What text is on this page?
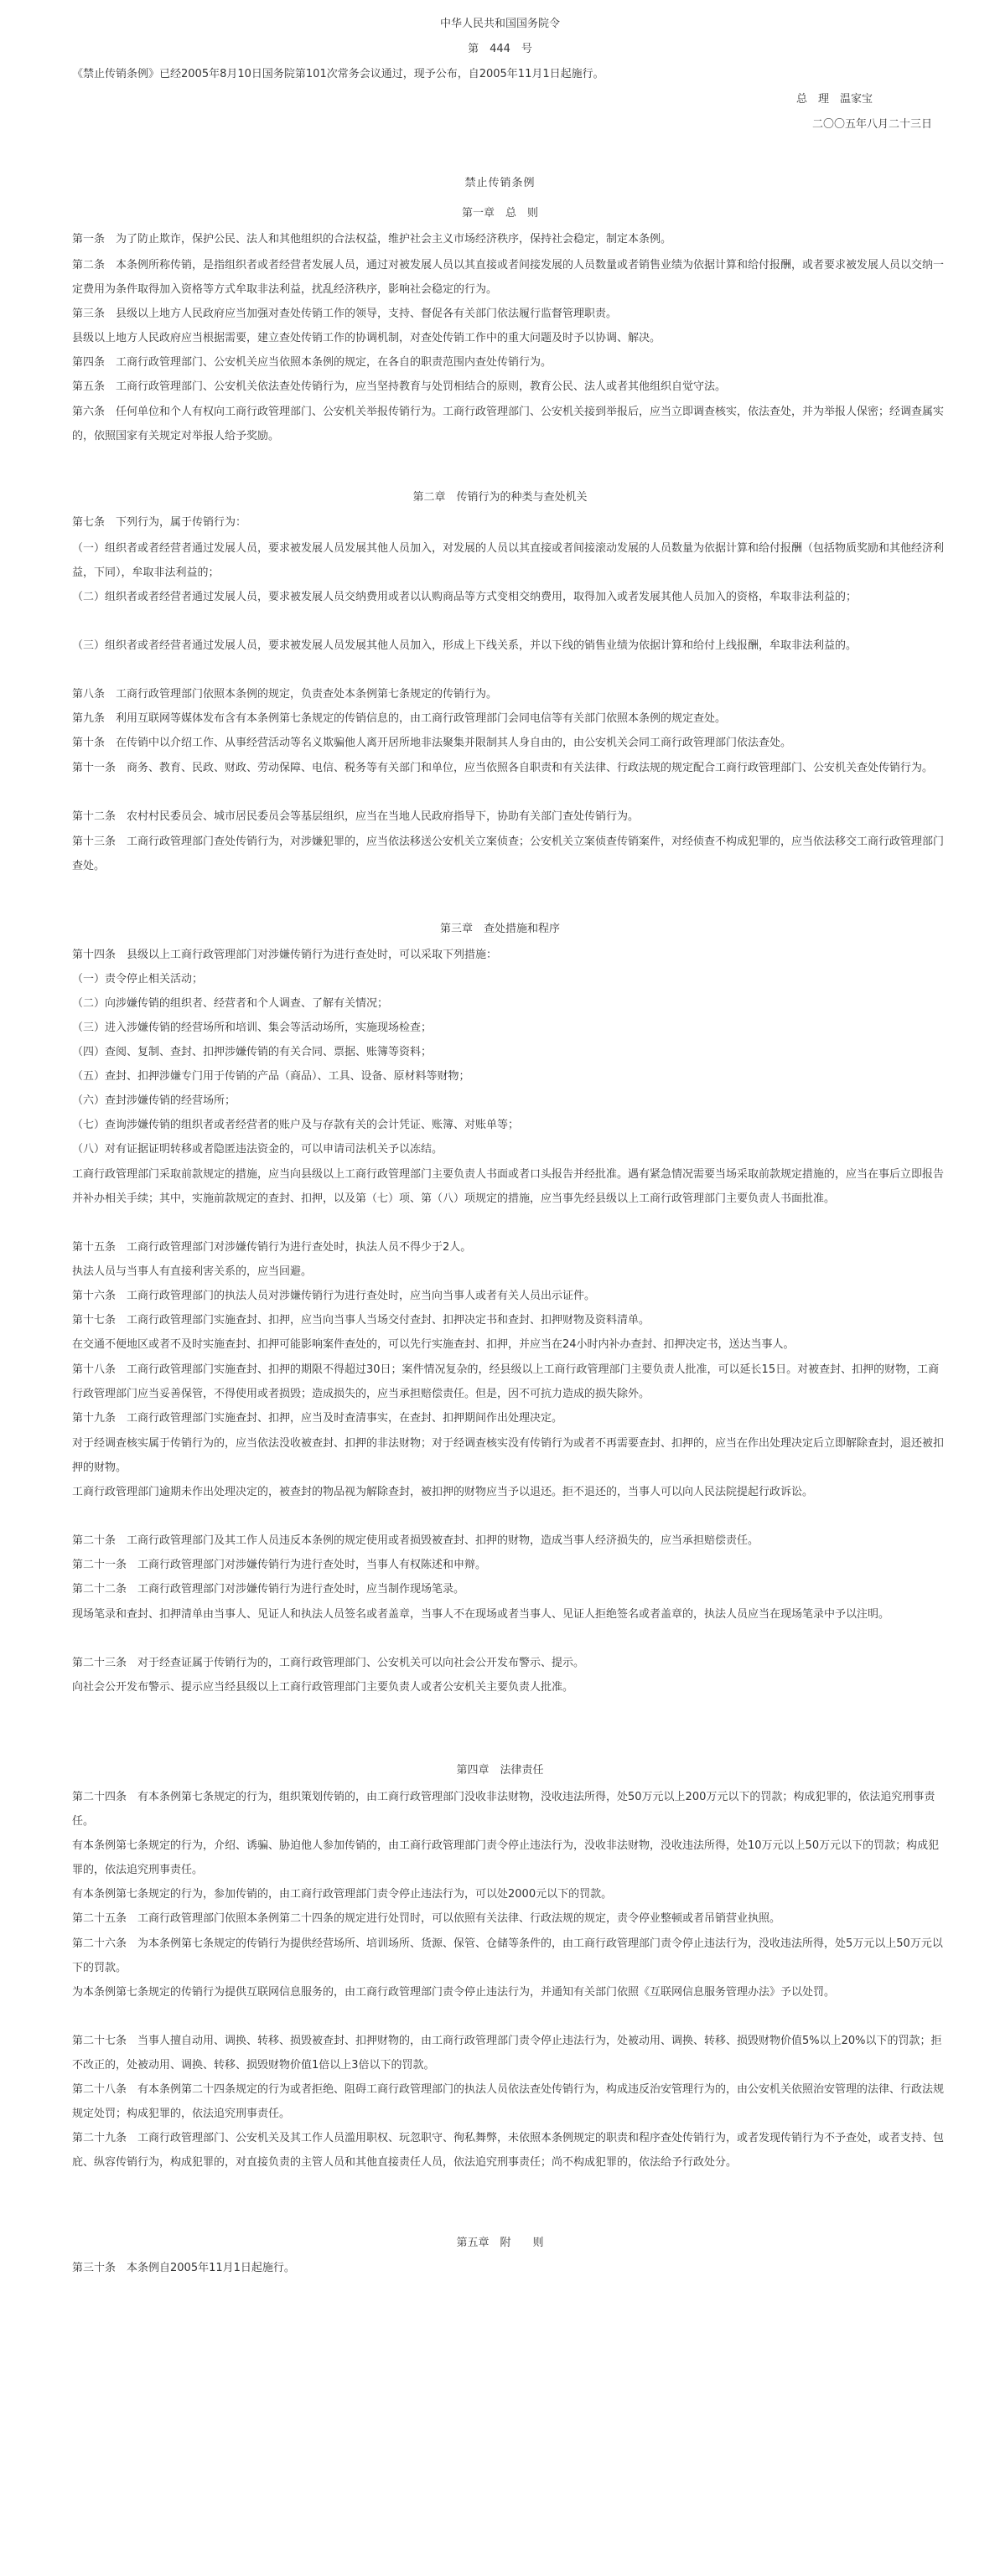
中华人民共和国国务院令
第　444　号
《禁止传销条例》已经2005年8月10日国务院第101次常务会议通过，现予公布，自2005年11月1日起施行。
总　理　温家宝
二〇〇五年八月二十三日
禁止传销条例
第一章　总　则
第一条　为了防止欺诈，保护公民、法人和其他组织的合法权益，维护社会主义市场经济秩序，保持社会稳定，制定本条例。
第二条　本条例所称传销，是指组织者或者经营者发展人员，通过对被发展人员以其直接或者间接发展的人员数量或者销售业绩为依据计算和给付报酬，或者要求被发展人员以交纳一定费用为条件取得加入资格等方式牟取非法利益，扰乱经济秩序，影响社会稳定的行为。
第三条　县级以上地方人民政府应当加强对查处传销工作的领导，支持、督促各有关部门依法履行监督管理职责。
县级以上地方人民政府应当根据需要，建立查处传销工作的协调机制，对查处传销工作中的重大问题及时予以协调、解决。
第四条　工商行政管理部门、公安机关应当依照本条例的规定，在各自的职责范围内查处传销行为。
第五条　工商行政管理部门、公安机关依法查处传销行为，应当坚持教育与处罚相结合的原则，教育公民、法人或者其他组织自觉守法。
第六条　任何单位和个人有权向工商行政管理部门、公安机关举报传销行为。工商行政管理部门、公安机关接到举报后，应当立即调查核实，依法查处，并为举报人保密；经调查属实的，依照国家有关规定对举报人给予奖励。
第二章　传销行为的种类与查处机关
第七条　下列行为，属于传销行为：
（一）组织者或者经营者通过发展人员，要求被发展人员发展其他人员加入，对发展的人员以其直接或者间接滚动发展的人员数量为依据计算和给付报酬（包括物质奖励和其他经济利益，下同），牟取非法利益的；
（二）组织者或者经营者通过发展人员，要求被发展人员交纳费用或者以认购商品等方式变相交纳费用，取得加入或者发展其他人员加入的资格，牟取非法利益的；
（三）组织者或者经营者通过发展人员，要求被发展人员发展其他人员加入，形成上下线关系，并以下线的销售业绩为依据计算和给付上线报酬，牟取非法利益的。
第八条　工商行政管理部门依照本条例的规定，负责查处本条例第七条规定的传销行为。
第九条　利用互联网等媒体发布含有本条例第七条规定的传销信息的，由工商行政管理部门会同电信等有关部门依照本条例的规定查处。
第十条　在传销中以介绍工作、从事经营活动等名义欺骗他人离开居所地非法聚集并限制其人身自由的，由公安机关会同工商行政管理部门依法查处。
第十一条　商务、教育、民政、财政、劳动保障、电信、税务等有关部门和单位，应当依照各自职责和有关法律、行政法规的规定配合工商行政管理部门、公安机关查处传销行为。
第十二条　农村村民委员会、城市居民委员会等基层组织，应当在当地人民政府指导下，协助有关部门查处传销行为。
第十三条　工商行政管理部门查处传销行为，对涉嫌犯罪的，应当依法移送公安机关立案侦查；公安机关立案侦查传销案件，对经侦查不构成犯罪的，应当依法移交工商行政管理部门查处。
第三章　查处措施和程序
第十四条　县级以上工商行政管理部门对涉嫌传销行为进行查处时，可以采取下列措施：
（一）责令停止相关活动；
（二）向涉嫌传销的组织者、经营者和个人调查、了解有关情况；
（三）进入涉嫌传销的经营场所和培训、集会等活动场所，实施现场检查；
（四）查阅、复制、查封、扣押涉嫌传销的有关合同、票据、账簿等资料；
（五）查封、扣押涉嫌专门用于传销的产品（商品）、工具、设备、原材料等财物；
（六）查封涉嫌传销的经营场所；
（七）查询涉嫌传销的组织者或者经营者的账户及与存款有关的会计凭证、账簿、对账单等；
（八）对有证据证明转移或者隐匿违法资金的，可以申请司法机关予以冻结。
工商行政管理部门采取前款规定的措施，应当向县级以上工商行政管理部门主要负责人书面或者口头报告并经批准。遇有紧急情况需要当场采取前款规定措施的，应当在事后立即报告并补办相关手续；其中，实施前款规定的查封、扣押，以及第（七）项、第（八）项规定的措施，应当事先经县级以上工商行政管理部门主要负责人书面批准。
第十五条　工商行政管理部门对涉嫌传销行为进行查处时，执法人员不得少于2人。
执法人员与当事人有直接利害关系的，应当回避。
第十六条　工商行政管理部门的执法人员对涉嫌传销行为进行查处时，应当向当事人或者有关人员出示证件。
第十七条　工商行政管理部门实施查封、扣押，应当向当事人当场交付查封、扣押决定书和查封、扣押财物及资料清单。
在交通不便地区或者不及时实施查封、扣押可能影响案件查处的，可以先行实施查封、扣押，并应当在24小时内补办查封、扣押决定书，送达当事人。
第十八条　工商行政管理部门实施查封、扣押的期限不得超过30日；案件情况复杂的，经县级以上工商行政管理部门主要负责人批准，可以延长15日。对被查封、扣押的财物，工商行政管理部门应当妥善保管，不得使用或者损毁；造成损失的，应当承担赔偿责任。但是，因不可抗力造成的损失除外。
第十九条　工商行政管理部门实施查封、扣押，应当及时查清事实，在查封、扣押期间作出处理决定。
对于经调查核实属于传销行为的，应当依法没收被查封、扣押的非法财物；对于经调查核实没有传销行为或者不再需要查封、扣押的，应当在作出处理决定后立即解除查封，退还被扣押的财物。
工商行政管理部门逾期未作出处理决定的，被查封的物品视为解除查封，被扣押的财物应当予以退还。拒不退还的，当事人可以向人民法院提起行政诉讼。
第二十条　工商行政管理部门及其工作人员违反本条例的规定使用或者损毁被查封、扣押的财物，造成当事人经济损失的，应当承担赔偿责任。
第二十一条　工商行政管理部门对涉嫌传销行为进行查处时，当事人有权陈述和申辩。
第二十二条　工商行政管理部门对涉嫌传销行为进行查处时，应当制作现场笔录。
现场笔录和查封、扣押清单由当事人、见证人和执法人员签名或者盖章，当事人不在现场或者当事人、见证人拒绝签名或者盖章的，执法人员应当在现场笔录中予以注明。
第二十三条　对于经查证属于传销行为的，工商行政管理部门、公安机关可以向社会公开发布警示、提示。
向社会公开发布警示、提示应当经县级以上工商行政管理部门主要负责人或者公安机关主要负责人批准。
第四章　法律责任
第二十四条　有本条例第七条规定的行为，组织策划传销的，由工商行政管理部门没收非法财物，没收违法所得，处50万元以上200万元以下的罚款；构成犯罪的，依法追究刑事责任。
有本条例第七条规定的行为，介绍、诱骗、胁迫他人参加传销的，由工商行政管理部门责令停止违法行为，没收非法财物，没收违法所得，处10万元以上50万元以下的罚款；构成犯罪的，依法追究刑事责任。
有本条例第七条规定的行为，参加传销的，由工商行政管理部门责令停止违法行为，可以处2000元以下的罚款。
第二十五条　工商行政管理部门依照本条例第二十四条的规定进行处罚时，可以依照有关法律、行政法规的规定，责令停业整顿或者吊销营业执照。
第二十六条　为本条例第七条规定的传销行为提供经营场所、培训场所、货源、保管、仓储等条件的，由工商行政管理部门责令停止违法行为，没收违法所得，处5万元以上50万元以下的罚款。
为本条例第七条规定的传销行为提供互联网信息服务的，由工商行政管理部门责令停止违法行为，并通知有关部门依照《互联网信息服务管理办法》予以处罚。
第二十七条　当事人擅自动用、调换、转移、损毁被查封、扣押财物的，由工商行政管理部门责令停止违法行为，处被动用、调换、转移、损毁财物价值5%以上20%以下的罚款；拒不改正的，处被动用、调换、转移、损毁财物价值1倍以上3倍以下的罚款。
第二十八条　有本条例第二十四条规定的行为或者拒绝、阻碍工商行政管理部门的执法人员依法查处传销行为，构成违反治安管理行为的，由公安机关依照治安管理的法律、行政法规规定处罚；构成犯罪的，依法追究刑事责任。
第二十九条　工商行政管理部门、公安机关及其工作人员滥用职权、玩忽职守、徇私舞弊，未依照本条例规定的职责和程序查处传销行为，或者发现传销行为不予查处，或者支持、包庇、纵容传销行为，构成犯罪的，对直接负责的主管人员和其他直接责任人员，依法追究刑事责任；尚不构成犯罪的，依法给予行政处分。
第五章　附　　则
第三十条　本条例自2005年11月1日起施行。
